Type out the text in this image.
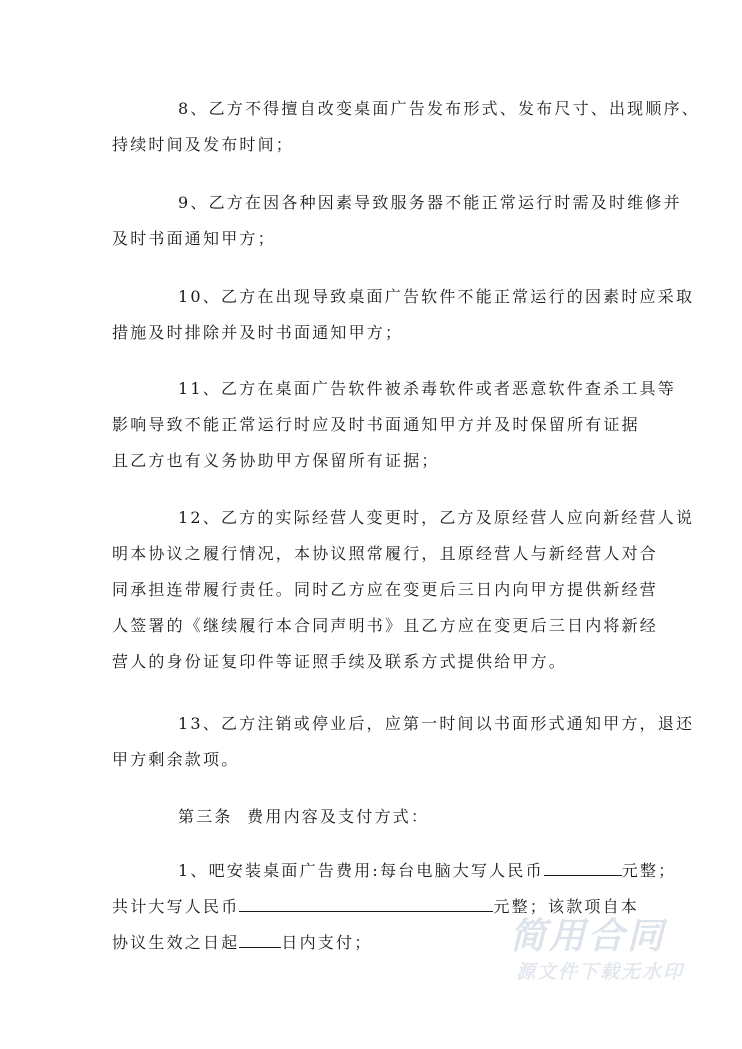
8、乙方不得擅自改变桌面广告发布形式、发布尺寸、出现顺序、
持续时间及发布时间；
9、乙方在因各种因素导致服务器不能正常运行时需及时维修并
及时书面通知甲方；
10、乙方在出现导致桌面广告软件不能正常运行的因素时应采取
措施及时排除并及时书面通知甲方；
11、乙方在桌面广告软件被杀毒软件或者恶意软件查杀工具等
影响导致不能正常运行时应及时书面通知甲方并及时保留所有证据
且乙方也有义务协助甲方保留所有证据；
12、乙方的实际经营人变更时，乙方及原经营人应向新经营人说
明本协议之履行情况，本协议照常履行，且原经营人与新经营人对合
同承担连带履行责任。同时乙方应在变更后三日内向甲方提供新经营
人签署的《继续履行本合同声明书》且乙方应在变更后三日内将新经
营人的身份证复印件等证照手续及联系方式提供给甲方。
13、乙方注销或停业后，应第一时间以书面形式通知甲方，退还
甲方剩余款项。
第三条  费用内容及支付方式：
1、吧安装桌面广告费用:每台电脑大写人民币	元整；
共计大写人民币	元整；该款项自本
协议生效之日起	日内支付；	简用合同
源文件下载无水印
